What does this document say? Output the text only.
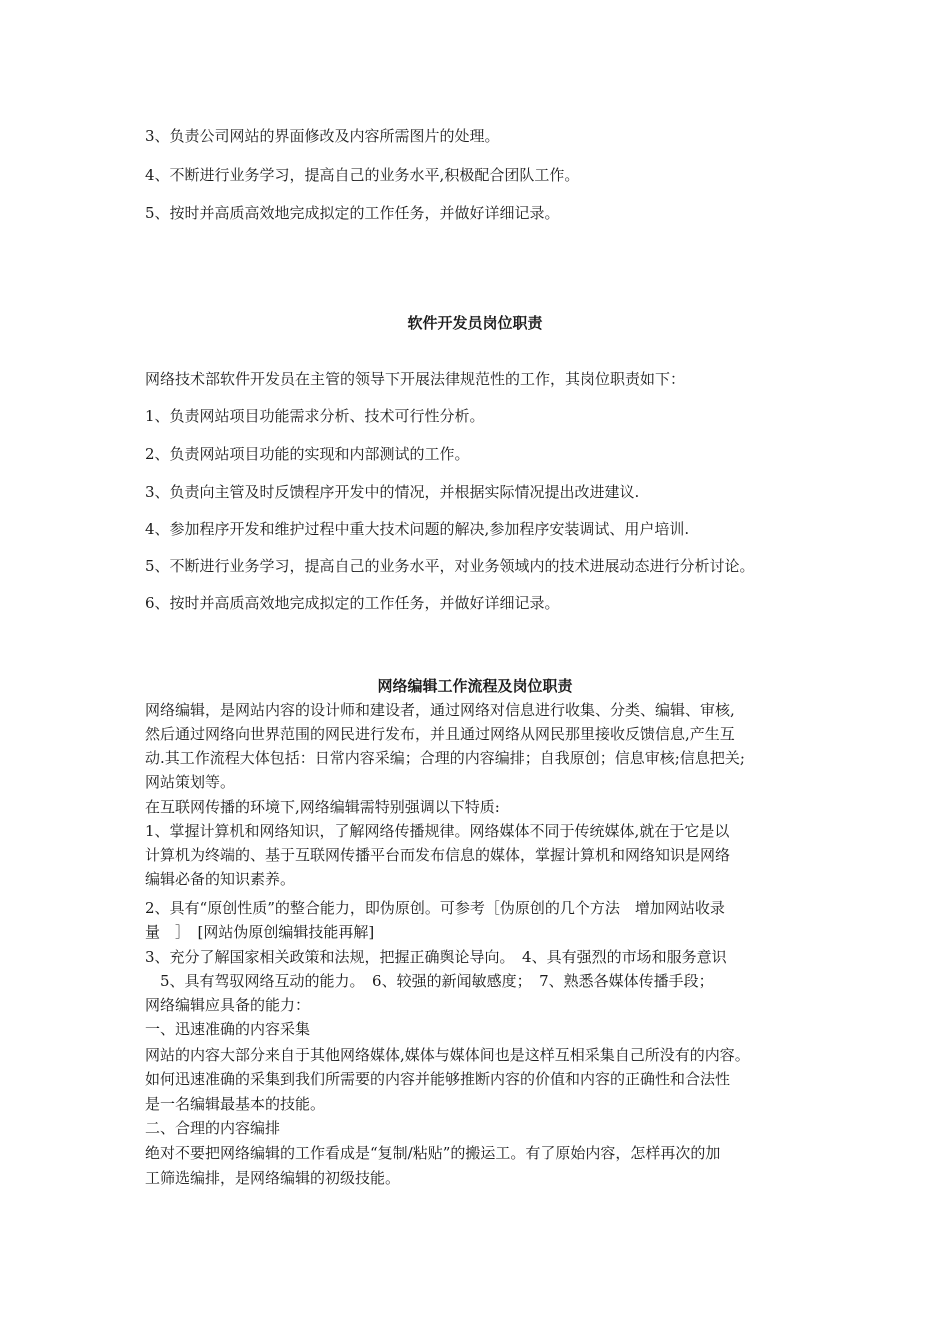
3、负责公司网站的界面修改及内容所需图片的处理。
4、不断进行业务学习，提高自己的业务水平,积极配合团队工作。
5、按时并高质高效地完成拟定的工作任务，并做好详细记录。
软件开发员岗位职责
网络技术部软件开发员在主管的领导下开展法律规范性的工作，其岗位职责如下：
1、负责网站项目功能需求分析、技术可行性分析。
2、负责网站项目功能的实现和内部测试的工作。
3、负责向主管及时反馈程序开发中的情况，并根据实际情况提出改进建议.
4、参加程序开发和维护过程中重大技术问题的解决,参加程序安装调试、用户培训.
5、不断进行业务学习，提高自己的业务水平，对业务领域内的技术进展动态进行分析讨论。
6、按时并高质高效地完成拟定的工作任务，并做好详细记录。
网络编辑工作流程及岗位职责
网络编辑，是网站内容的设计师和建设者，通过网络对信息进行收集、分类、编辑、审核,
然后通过网络向世界范围的网民进行发布，并且通过网络从网民那里接收反馈信息,产生互
动.其工作流程大体包括：日常内容采编；合理的内容编排；自我原创；信息审核;信息把关;
网站策划等。
在互联网传播的环境下,网络编辑需特别强调以下特质:
1、掌握计算机和网络知识，了解网络传播规律。网络媒体不同于传统媒体,就在于它是以
计算机为终端的、基于互联网传播平台而发布信息的媒体，掌握计算机和网络知识是网络
编辑必备的知识素养。
2、具有“原创性质”的整合能力，即伪原创。可参考［伪原创的几个方法　增加网站收录
量　］　[网站伪原创编辑技能再解]
3、充分了解国家相关政策和法规，把握正确舆论导向。　4、具有强烈的市场和服务意识
　5、具有驾驭网络互动的能力。　6、较强的新闻敏感度；　7、熟悉各媒体传播手段；
网络编辑应具备的能力：
一、迅速准确的内容采集
网站的内容大部分来自于其他网络媒体,媒体与媒体间也是这样互相采集自己所没有的内容。
如何迅速准确的采集到我们所需要的内容并能够推断内容的价值和内容的正确性和合法性
是一名编辑最基本的技能。
二、合理的内容编排
绝对不要把网络编辑的工作看成是“复制/粘贴”的搬运工。有了原始内容，怎样再次的加
工筛选编排，是网络编辑的初级技能。
